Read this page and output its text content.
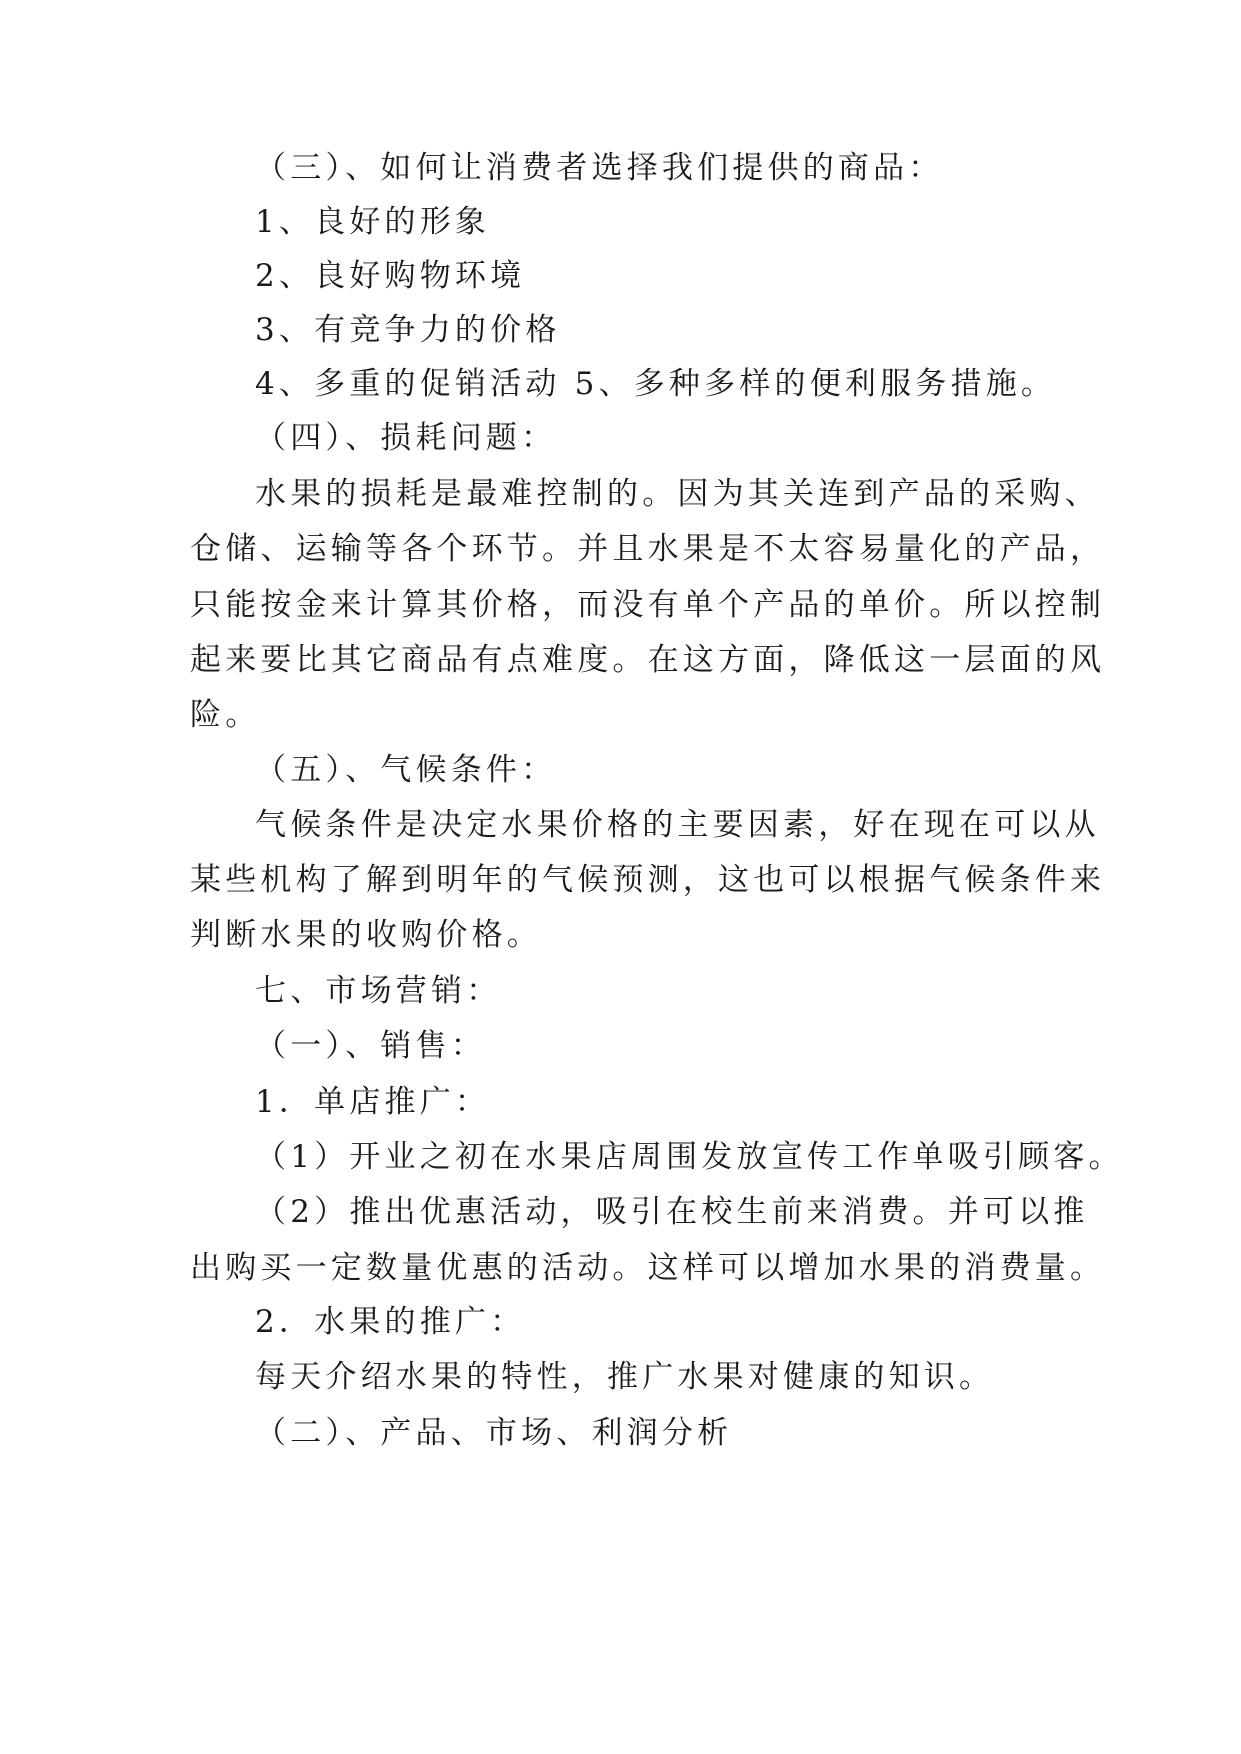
（三）、如何让消费者选择我们提供的商品：
1、良好的形象
2、良好购物环境
3、有竞争力的价格
4、多重的促销活动 5、多种多样的便利服务措施。
（四）、损耗问题：
水果的损耗是最难控制的。因为其关连到产品的采购、
仓储、运输等各个环节。并且水果是不太容易量化的产品，
只能按金来计算其价格，而没有单个产品的单价。所以控制
起来要比其它商品有点难度。在这方面，降低这一层面的风
险。
（五）、气候条件：
气候条件是决定水果价格的主要因素，好在现在可以从
某些机构了解到明年的气候预测，这也可以根据气候条件来
判断水果的收购价格。
七、市场营销：
（一）、销售：
1．单店推广：
（1）开业之初在水果店周围发放宣传工作单吸引顾客。
（2）推出优惠活动，吸引在校生前来消费。并可以推
出购买一定数量优惠的活动。这样可以增加水果的消费量。
2．水果的推广：
每天介绍水果的特性，推广水果对健康的知识。
（二）、产品、市场、利润分析
